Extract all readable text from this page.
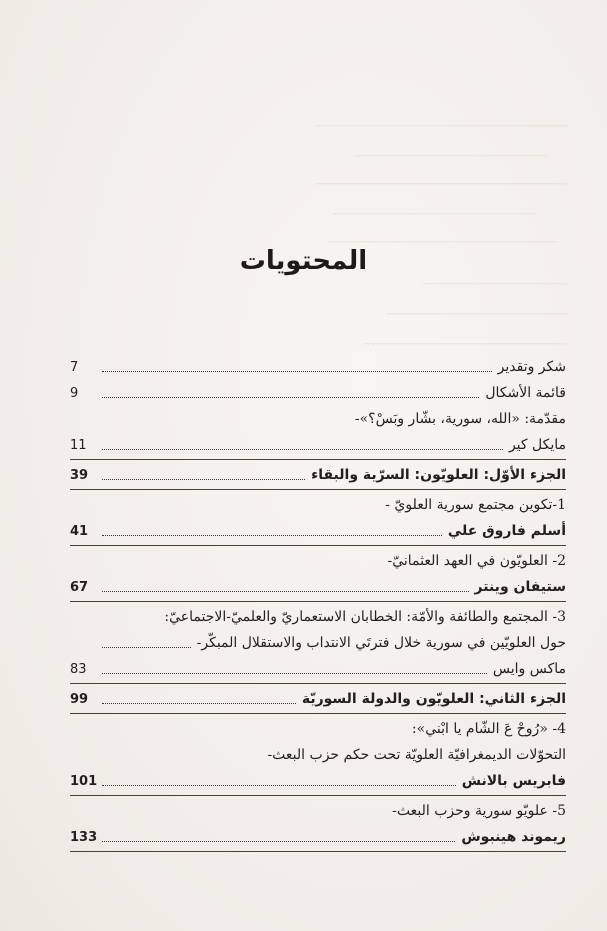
﹏﹏﹏﹏﹏﹏﹏﹏﹏﹏﹏﹏﹏﹏﹏﹏﹏﹏﹏﹏﹏
﹏﹏﹏﹏﹏﹏﹏﹏﹏﹏﹏﹏﹏﹏﹏﹏
﹏﹏﹏﹏﹏﹏﹏﹏﹏﹏﹏﹏﹏﹏﹏﹏﹏﹏﹏﹏﹏
﹏﹏﹏﹏﹏﹏﹏﹏﹏﹏﹏﹏﹏﹏﹏﹏﹏
﹏﹏﹏﹏﹏﹏﹏﹏﹏﹏﹏﹏﹏﹏﹏﹏﹏﹏﹏
﹏﹏﹏﹏﹏﹏﹏﹏﹏﹏﹏﹏
﹏﹏﹏﹏﹏﹏﹏﹏﹏﹏﹏﹏﹏﹏﹏
﹏﹏﹏﹏﹏﹏﹏﹏﹏﹏﹏﹏﹏﹏﹏﹏﹏
المحتويات
شكر وتقدير
7
قائمة الأشكال
9
مقدّمة: «الله، سورية، بشّار وبَسْ؟»-
مايكل كير
11
الجزء الأوّل: العلويّون: السرّية والبقاء
39
1-تكوين مجتمع سورية العلويّ -
أسلم فاروق علي
41
2- العلويّون في العهد العثمانيّ-
ستيفان وينتر
67
3- المجتمع والطائفة والأمّة: الخطابان الاستعماريّ والعلميّ-الاجتماعيّ:
حول العلويّين في سورية خلال فترتَي الانتداب والاستقلال المبكّر-
ماكس وايس
83
الجزء الثاني: العلويّون والدولة السوريّة
99
4- «رُوحْ عَ الشّام يا ابْني»:
التحوّلات الديمغرافيّة العلويّة تحت حكم حزب البعث-
فابريس بالانش
101
5- علويّو سورية وحزب البعث-
ريموند هينبوش
133
